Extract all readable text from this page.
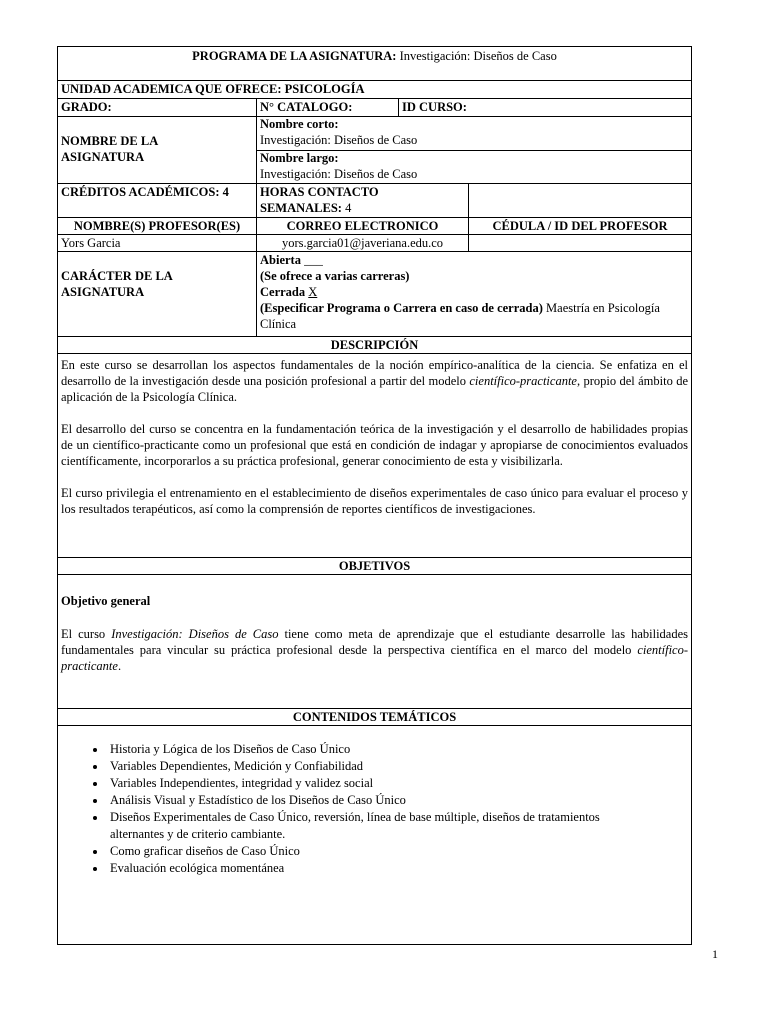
PROGRAMA DE LA ASIGNATURA: Investigación: Diseños de Caso
UNIDAD ACADEMICA QUE OFRECE: PSICOLOGÍA
GRADO:	N° CATALOGO:	ID CURSO:
NOMBRE DE LA ASIGNATURA
Nombre corto:
Investigación: Diseños de Caso
Nombre largo:
Investigación: Diseños de Caso
CRÉDITOS ACADÉMICOS: 4	HORAS CONTACTO
SEMANALES: 4
NOMBRE(S) PROFESOR(ES)	CORREO ELECTRONICO	CÉDULA / ID DEL PROFESOR
Yors Garcia	yors.garcia01@javeriana.edu.co
CARÁCTER DE LA ASIGNATURA
Abierta ___
(Se ofrece a varias carreras)
Cerrada X
(Especificar Programa o Carrera en caso de cerrada) Maestría en Psicología Clínica
DESCRIPCIÓN
En este curso se desarrollan los aspectos fundamentales de la noción empírico-analítica de la ciencia. Se enfatiza en el desarrollo de la investigación desde una posición profesional a partir del modelo científico-practicante, propio del ámbito de aplicación de la Psicología Clínica.
El desarrollo del curso se concentra en la fundamentación teórica de la investigación y el desarrollo de habilidades propias de un científico-practicante como un profesional que está en condición de indagar y apropiarse de conocimientos evaluados científicamente, incorporarlos a su práctica profesional, generar conocimiento de esta y visibilizarla.
El curso privilegia el entrenamiento en el establecimiento de diseños experimentales de caso único para evaluar el proceso y los resultados terapéuticos, así como la comprensión de reportes científicos de investigaciones.
OBJETIVOS
Objetivo general
El curso Investigación: Diseños de Caso tiene como meta de aprendizaje que el estudiante desarrolle las habilidades fundamentales para vincular su práctica profesional desde la perspectiva científica en el marco del modelo científico-practicante.
CONTENIDOS TEMÁTICOS
• Historia y Lógica de los Diseños de Caso Único
• Variables Dependientes, Medición y Confiabilidad
• Variables Independientes, integridad y validez social
• Análisis Visual y Estadístico de los Diseños de Caso Único
• Diseños Experimentales de Caso Único, reversión, línea de base múltiple, diseños de tratamientos alternantes y de criterio cambiante.
• Como graficar diseños de Caso Único
• Evaluación ecológica momentánea
1
